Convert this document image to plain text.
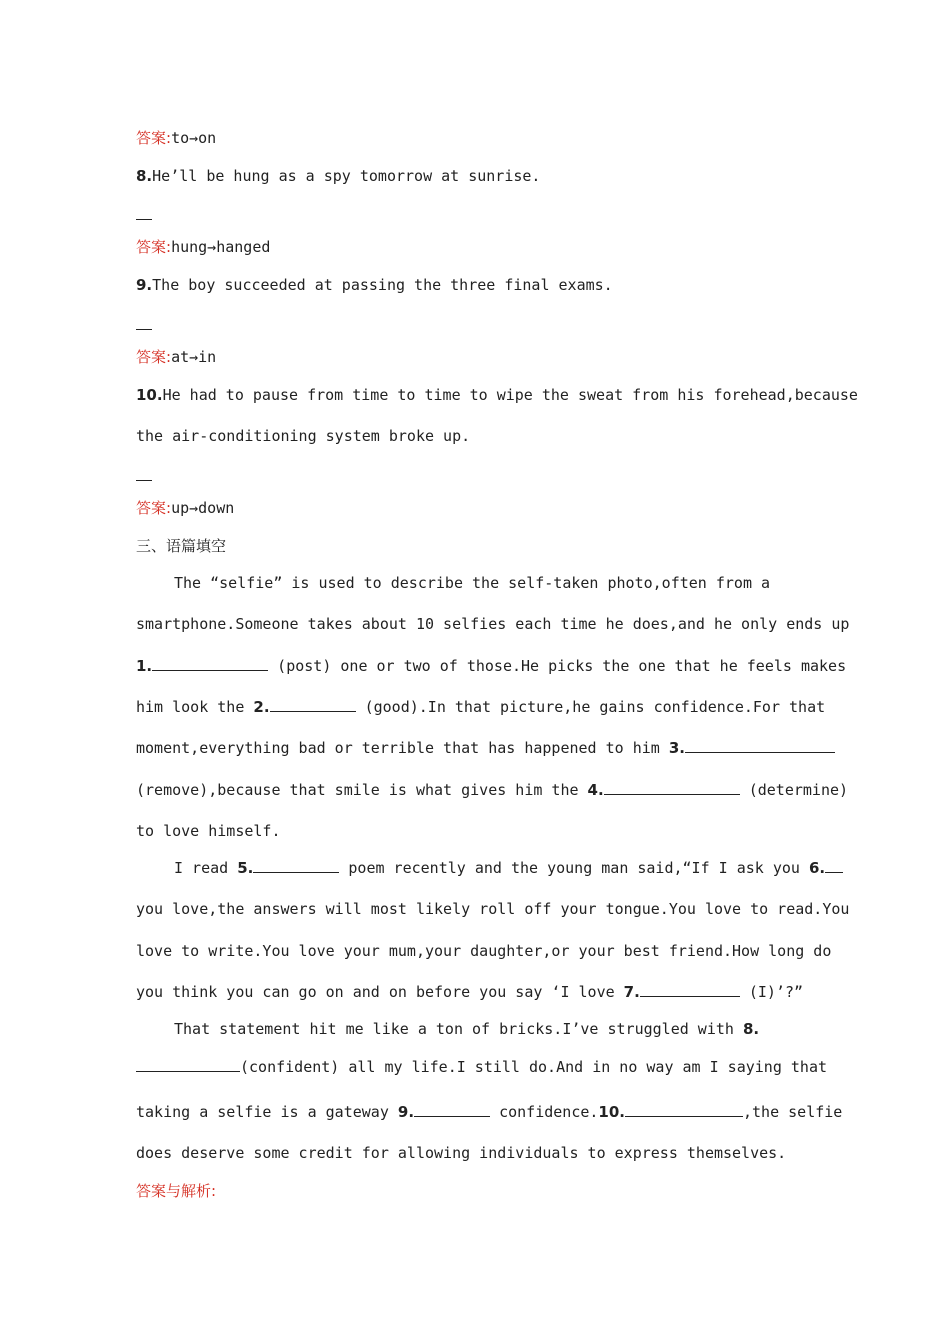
答案:to→on
8.He’ll be hung as a spy tomorrow at sunrise.
答案:hung→hanged
9.The boy succeeded at passing the three final exams.
答案:at→in
10.He had to pause from time to time to wipe the sweat from his forehead,because
the air-conditioning system broke up.
答案:up→down
三、语篇填空
The “selfie” is used to describe the self-taken photo,often from a
smartphone.Someone takes about 10 selfies each time he does,and he only ends up
1.	(post) one or two of those.He picks the one that he feels makes
him look the 2.	(good).In that picture,he gains confidence.For that
moment,everything bad or terrible that has happened to him 3.
(remove),because that smile is what gives him the 4.	(determine)
to love himself.
I read 5.	poem recently and the young man said,“If I ask you 6.
you love,the answers will most likely roll off your tongue.You love to read.You
love to write.You love your mum,your daughter,or your best friend.How long do
you think you can go on and on before you say ‘I love 7.	(I)’?”
That statement hit me like a ton of bricks.I’ve struggled with 8.
(confident) all my life.I still do.And in no way am I saying that
taking a selfie is a gateway 9.	confidence.10.	,the selfie
does deserve some credit for allowing individuals to express themselves.
答案与解析:
